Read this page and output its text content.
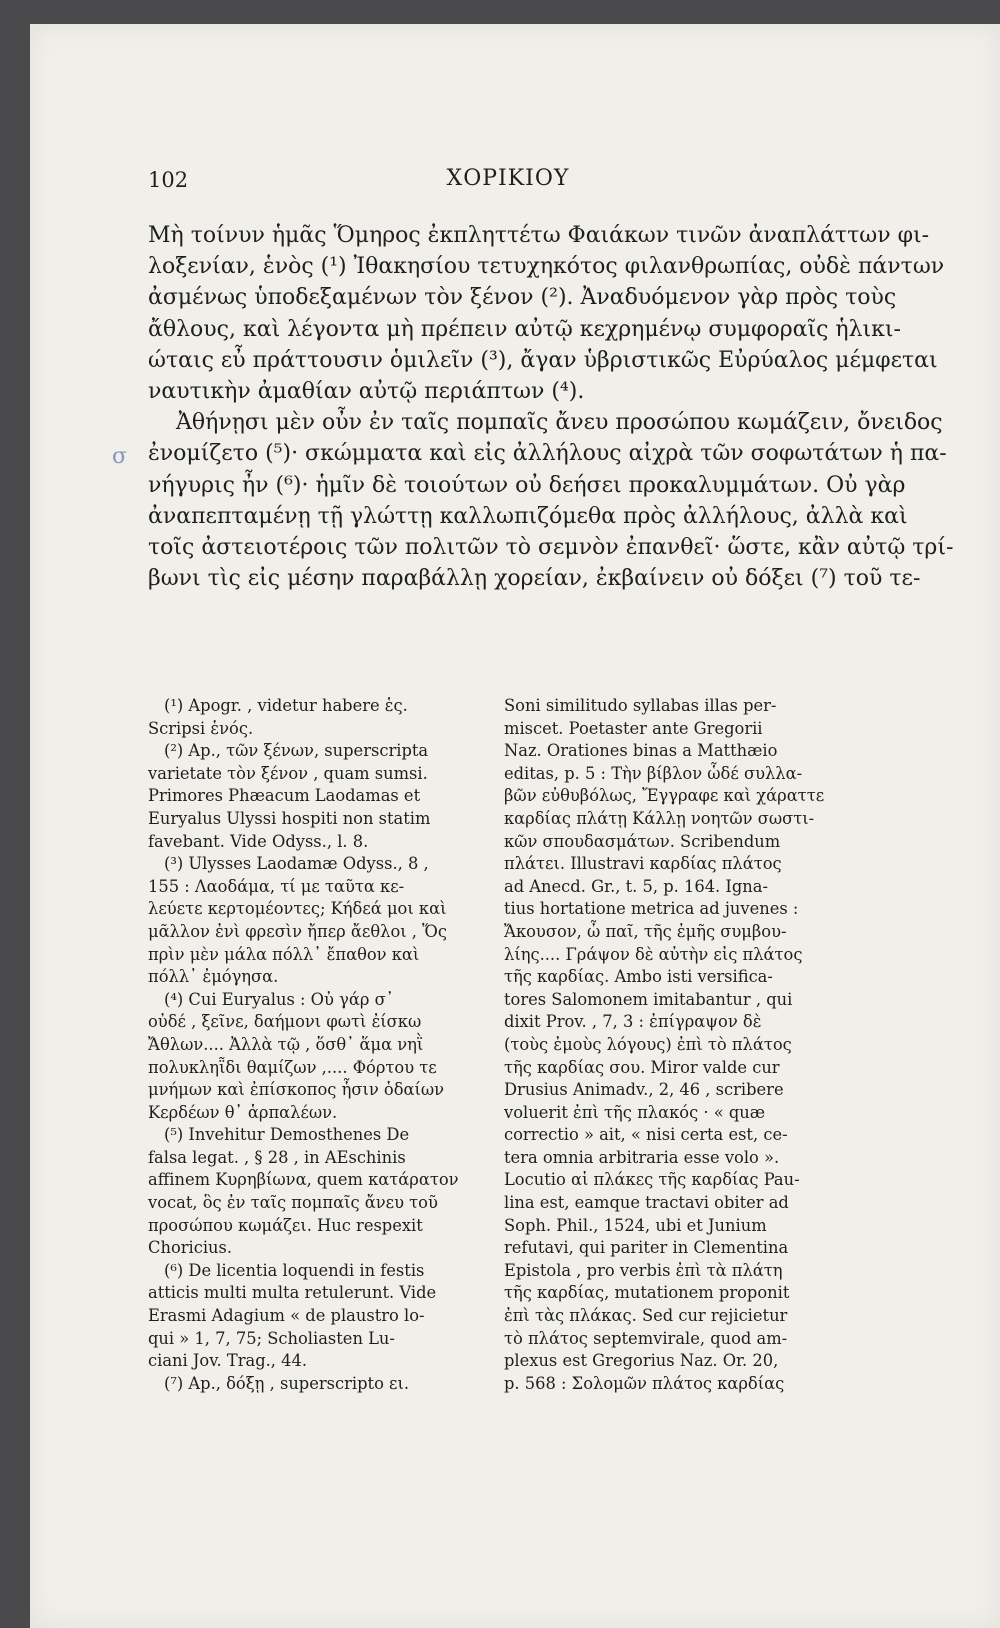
102	ΧΟΡΙΚΙΟΥ
σ
Μὴ τοίνυν ἡμᾶς Ὅμηρος ἐκπληττέτω Φαιάκων τινῶν ἀναπλάττων φι-
λοξενίαν, ἑνὸς (¹) Ἰθακησίου τετυχηκότος φιλανθρωπίας, οὐδὲ πάντων
ἀσμένως ὑποδεξαμένων τὸν ξένον (²). Ἀναδυόμενον γὰρ πρὸς τοὺς
ἄθλους, καὶ λέγοντα μὴ πρέπειν αὐτῷ κεχρημένῳ συμφοραῖς ἡλικι-
ώταις εὖ πράττουσιν ὁμιλεῖν (³), ἄγαν ὑβριστικῶς Εὐρύαλος μέμφεται
ναυτικὴν ἀμαθίαν αὐτῷ περιάπτων (⁴).
Ἀθήνῃσι μὲν οὖν ἐν ταῖς πομπαῖς ἄνευ προσώπου κωμάζειν, ὄνειδος
ἐνομίζετο (⁵)· σκώμματα καὶ εἰς ἀλλήλους αἰχρὰ τῶν σοφωτάτων ἡ πα-
νήγυρις ἦν (⁶)· ἡμῖν δὲ τοιούτων οὐ δεήσει προκαλυμμάτων. Οὐ γὰρ
ἀναπεπταμένῃ τῇ γλώττῃ καλλωπιζόμεθα πρὸς ἀλλήλους, ἀλλὰ καὶ
τοῖς ἀστειοτέροις τῶν πολιτῶν τὸ σεμνὸν ἐπανθεῖ· ὥστε, κἂν αὐτῷ τρί-
βωνι τὶς εἰς μέσην παραβάλλῃ χορείαν, ἐκβαίνειν οὐ δόξει (⁷) τοῦ τε-
(¹) Apogr. , videtur habere ἑς.
Scripsi ἑνός.
(²) Ap., τῶν ξένων, superscripta
varietate τὸν ξένον , quam sumsi.
Primores Phæacum Laodamas et
Euryalus Ulyssi hospiti non statim
favebant. Vide Odyss., l. 8.
(³) Ulysses Laodamæ Odyss., 8 ,
155 : Λαοδάμα, τί με ταῦτα κε-
λεύετε κερτομέοντες; Κήδεά μοι καὶ
μᾶλλον ἐνὶ φρεσὶν ἤπερ ἄεθλοι , Ὅς
πρὶν μὲν μάλα πόλλ᾽ ἔπαθον καὶ
πόλλ᾽ ἐμόγησα.
(⁴) Cui Euryalus : Οὐ γάρ σ᾽
οὐδέ , ξεῖνε, δαήμονι φωτὶ ἐίσκω
Ἄθλων.... Ἀλλὰ τῷ , ὅσθ᾽ ἅμα νηῒ
πολυκληῗδι θαμίζων ,.... Φόρτου τε
μνήμων καὶ ἐπίσκοπος ἧσιν ὁδαίων
Κερδέων θ᾽ ἁρπαλέων.
(⁵) Invehitur Demosthenes De
falsa legat. , § 28 , in AEschinis
affinem Κυρηβίωνα, quem κατάρατον
vocat, ὃς ἐν ταῖς πομπαῖς ἄνευ τοῦ
προσώπου κωμάζει. Huc respexit
Choricius.
(⁶) De licentia loquendi in festis
atticis multi multa retulerunt. Vide
Erasmi Adagium « de plaustro lo-
qui » 1, 7, 75; Scholiasten Lu-
ciani Jov. Trag., 44.
(⁷) Ap., δόξῃ , superscripto ει.
Soni similitudo syllabas illas per-
miscet. Poetaster ante Gregorii
Naz. Orationes binas a Matthæio
editas, p. 5 : Τὴν βίβλον ὧδέ συλλα-
βῶν εὐθυβόλως, Ἔγγραφε καὶ χάραττε
καρδίας πλάτῃ Κάλλῃ νοητῶν σωστι-
κῶν σπουδασμάτων. Scribendum
πλάτει. Illustravi καρδίας πλάτος
ad Anecd. Gr., t. 5, p. 164. Igna-
tius hortatione metrica ad juvenes :
Ἄκουσον, ὦ παῖ, τῆς ἐμῆς συμβου-
λίης.... Γράψον δὲ αὐτὴν εἰς πλάτος
τῆς καρδίας. Ambo isti versifica-
tores Salomonem imitabantur , qui
dixit Prov. , 7, 3 : ἐπίγραψον δὲ
(τοὺς ἐμοὺς λόγους) ἐπὶ τὸ πλάτος
τῆς καρδίας σου. Miror valde cur
Drusius Animadv., 2, 46 , scribere
voluerit ἐπὶ τῆς πλακός · « quæ
correctio » ait, « nisi certa est, ce-
tera omnia arbitraria esse volo ».
Locutio αἱ πλάκες τῆς καρδίας Pau-
lina est, eamque tractavi obiter ad
Soph. Phil., 1524, ubi et Junium
refutavi, qui pariter in Clementina
Epistola , pro verbis ἐπὶ τὰ πλάτη
τῆς καρδίας, mutationem proponit
ἐπὶ τὰς πλάκας. Sed cur rejicietur
τὸ πλάτος septemvirale, quod am-
plexus est Gregorius Naz. Or. 20,
p. 568 : Σολομῶν πλάτος καρδίας
